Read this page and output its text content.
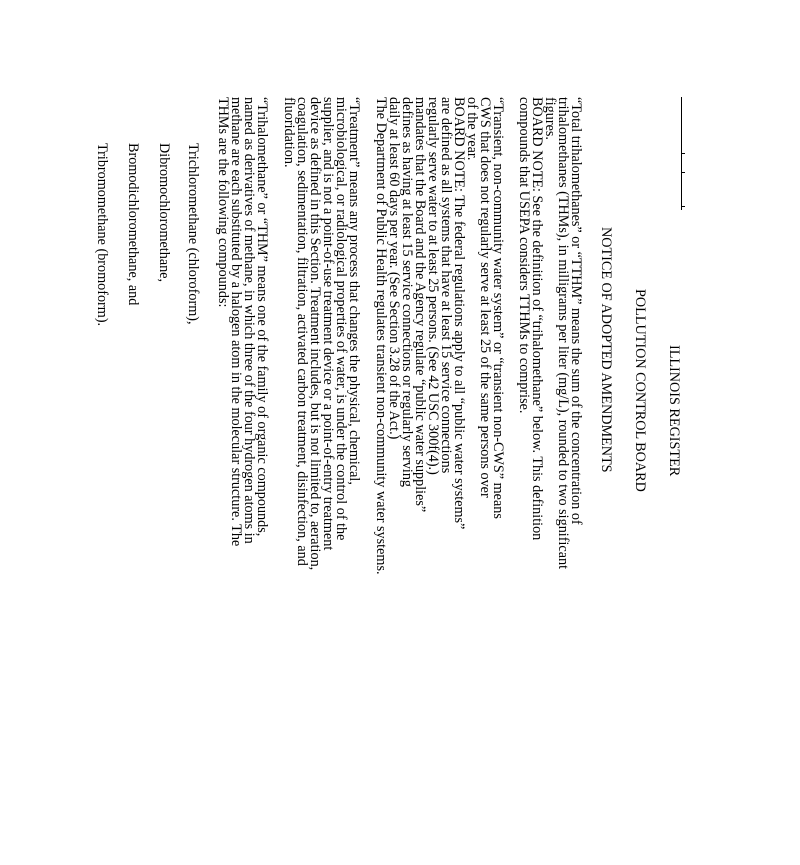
ILLINOIS REGISTER
POLLUTION CONTROL BOARD
NOTICE OF ADOPTED AMENDMENTS
“Total trihalomethanes” or “TTHM” means the sum of the concentration of
trihalomethanes (THMs), in milligrams per liter (mg/L), rounded to two significant
figures.
BOARD NOTE: See the definition of “trihalomethane” below. This definition
compounds that USEPA considers TTHMs to comprise.
“Transient, non-community water system” or “transient non-CWS” means
CWS that does not regularly serve at least 25 of the same persons over
of the year.
BOARD NOTE: The federal regulations apply to all “public water systems”
are defined as all systems that have at least 15 service connections
regularly serve water to at least 25 persons. (See 42 USC 300f(4).)
mandates that the Board and the Agency regulate “public water supplies”
defines as having at least 15 service connections or regularly serving
daily at least 60 days per year. (See Section 3.28 of the Act.)
The Department of Public Health regulates transient non-community water systems.
“Treatment” means any process that changes the physical, chemical,
microbiological, or radiological properties of water, is under the control of the
supplier, and is not a point-of-use treatment device or a point-of-entry treatment
device as defined in this Section. Treatment includes, but is not limited to, aeration,
coagulation, sedimentation, filtration, activated carbon treatment, disinfection, and
fluoridation.
“Trihalomethane” or “THM” means one of the family of organic compounds,
named as derivatives of methane, in which three of the four hydrogen atoms in
methane are each substituted by a halogen atom in the molecular structure. The
THMs are the following compounds:
Trichloromethane (chloroform),
Dibromochloromethane,
Bromodichloromethane, and
Tribromomethane (bromoform).
